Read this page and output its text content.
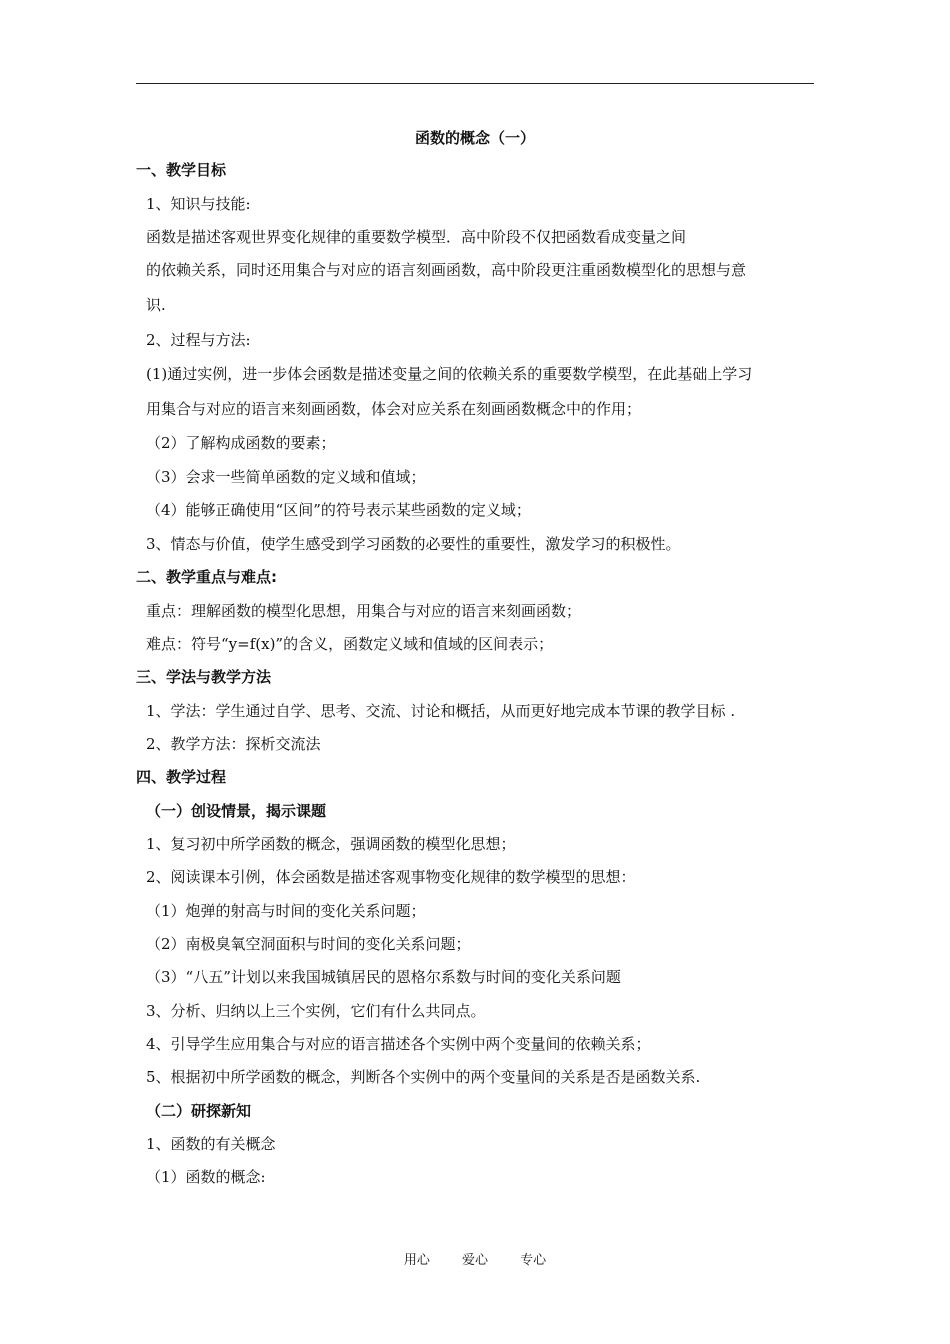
函数的概念（一）
一、教学目标
1、知识与技能:
函数是描述客观世界变化规律的重要数学模型．高中阶段不仅把函数看成变量之间
的依赖关系，同时还用集合与对应的语言刻画函数，高中阶段更注重函数模型化的思想与意
识.
2、过程与方法:
(1)通过实例，进一步体会函数是描述变量之间的依赖关系的重要数学模型，在此基础上学习
用集合与对应的语言来刻画函数，体会对应关系在刻画函数概念中的作用；
（2）了解构成函数的要素；
（3）会求一些简单函数的定义域和值域；
（4）能够正确使用“区间”的符号表示某些函数的定义域；
3、情态与价值，使学生感受到学习函数的必要性的重要性，激发学习的积极性。
二、教学重点与难点:
重点：理解函数的模型化思想，用集合与对应的语言来刻画函数；
难点：符号“y=f(x)”的含义，函数定义域和值域的区间表示；
三、学法与教学方法
1、学法：学生通过自学、思考、交流、讨论和概括，从而更好地完成本节课的教学目标 .
2、教学方法：探析交流法
四、教学过程
（一）创设情景，揭示课题
1、复习初中所学函数的概念，强调函数的模型化思想；
2、阅读课本引例，体会函数是描述客观事物变化规律的数学模型的思想：
（1）炮弹的射高与时间的变化关系问题；
（2）南极臭氧空洞面积与时间的变化关系问题；
（3）“八五”计划以来我国城镇居民的恩格尔系数与时间的变化关系问题
3、分析、归纳以上三个实例，它们有什么共同点。
4、引导学生应用集合与对应的语言描述各个实例中两个变量间的依赖关系；
5、根据初中所学函数的概念，判断各个实例中的两个变量间的关系是否是函数关系.
（二）研探新知
1、函数的有关概念
（1）函数的概念:
用心 爱心 专心
